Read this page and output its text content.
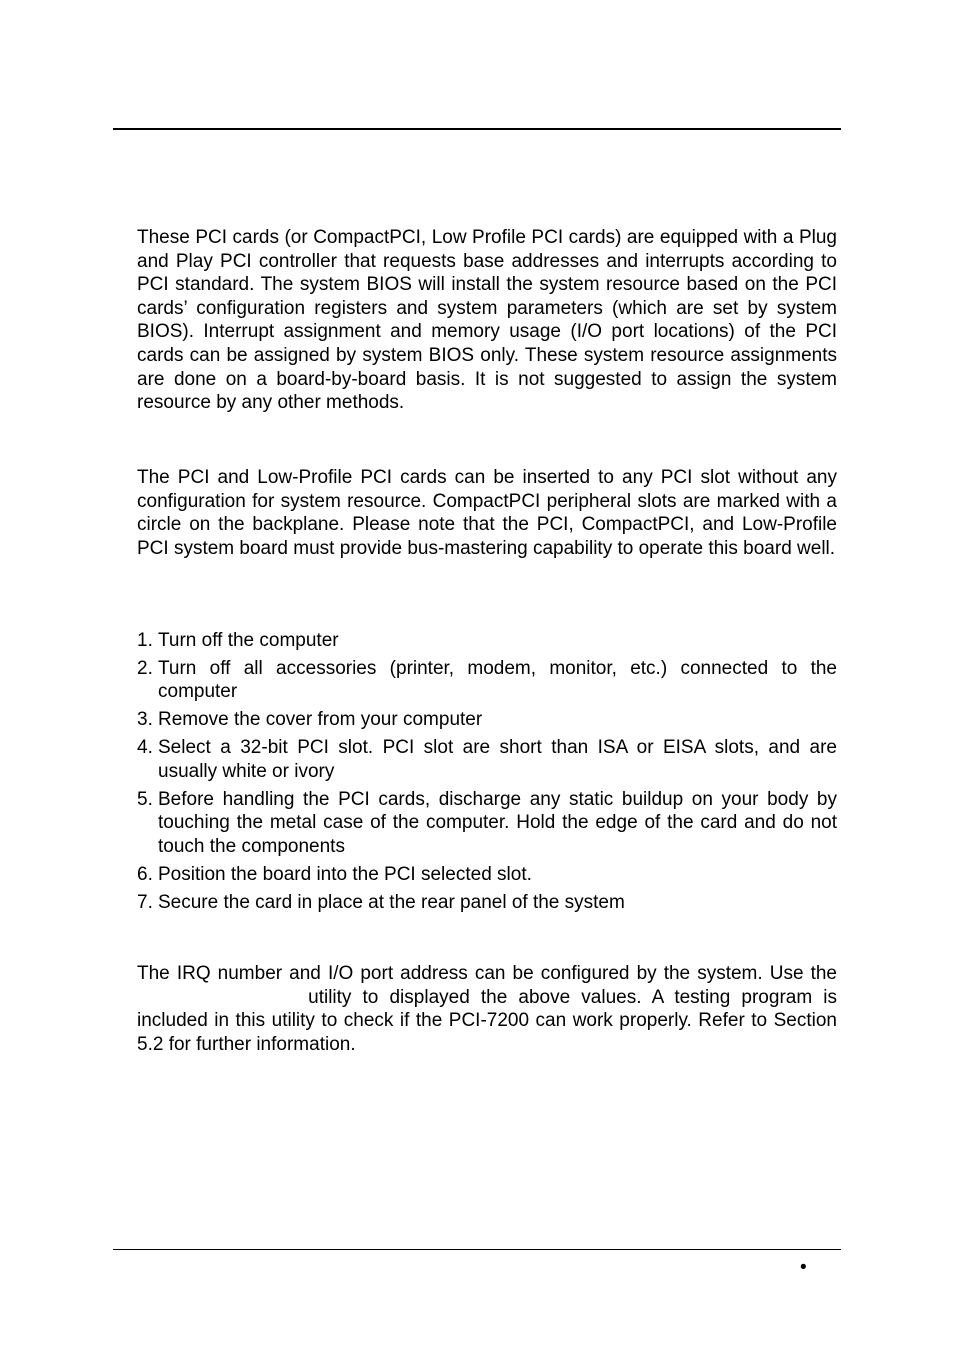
These PCI cards (or CompactPCI, Low Profile PCI cards) are equipped with a Plug and Play PCI controller that requests base addresses and interrupts according to PCI standard. The system BIOS will install the system resource based on the PCI cards’ configuration registers and system parameters (which are set by system BIOS). Interrupt assignment and memory usage (I/O port locations) of the PCI cards can be assigned by system BIOS only. These system resource assignments are done on a board-by-board basis. It is not suggested to assign the system resource by any other methods.

The PCI and Low-Profile PCI cards can be inserted to any PCI slot without any configuration for system resource. CompactPCI peripheral slots are marked with a circle on the backplane. Please note that the PCI, CompactPCI, and Low-Profile PCI system board must provide bus-mastering capability to operate this board well.

1. Turn off the computer
2. Turn off all accessories (printer, modem, monitor, etc.) connected to the computer
3. Remove the cover from your computer
4. Select a 32-bit PCI slot. PCI slot are short than ISA or EISA slots, and are usually white or ivory
5. Before handling the PCI cards, discharge any static buildup on your body by touching the metal case of the computer. Hold the edge of the card and do not touch the components
6. Position the board into the PCI selected slot.
7. Secure the card in place at the rear panel of the system

The IRQ number and I/O port address can be configured by the system. Use the  utility to displayed the above values. A testing program is included in this utility to check if the PCI-7200 can work properly. Refer to Section 5.2 for further information.

•
